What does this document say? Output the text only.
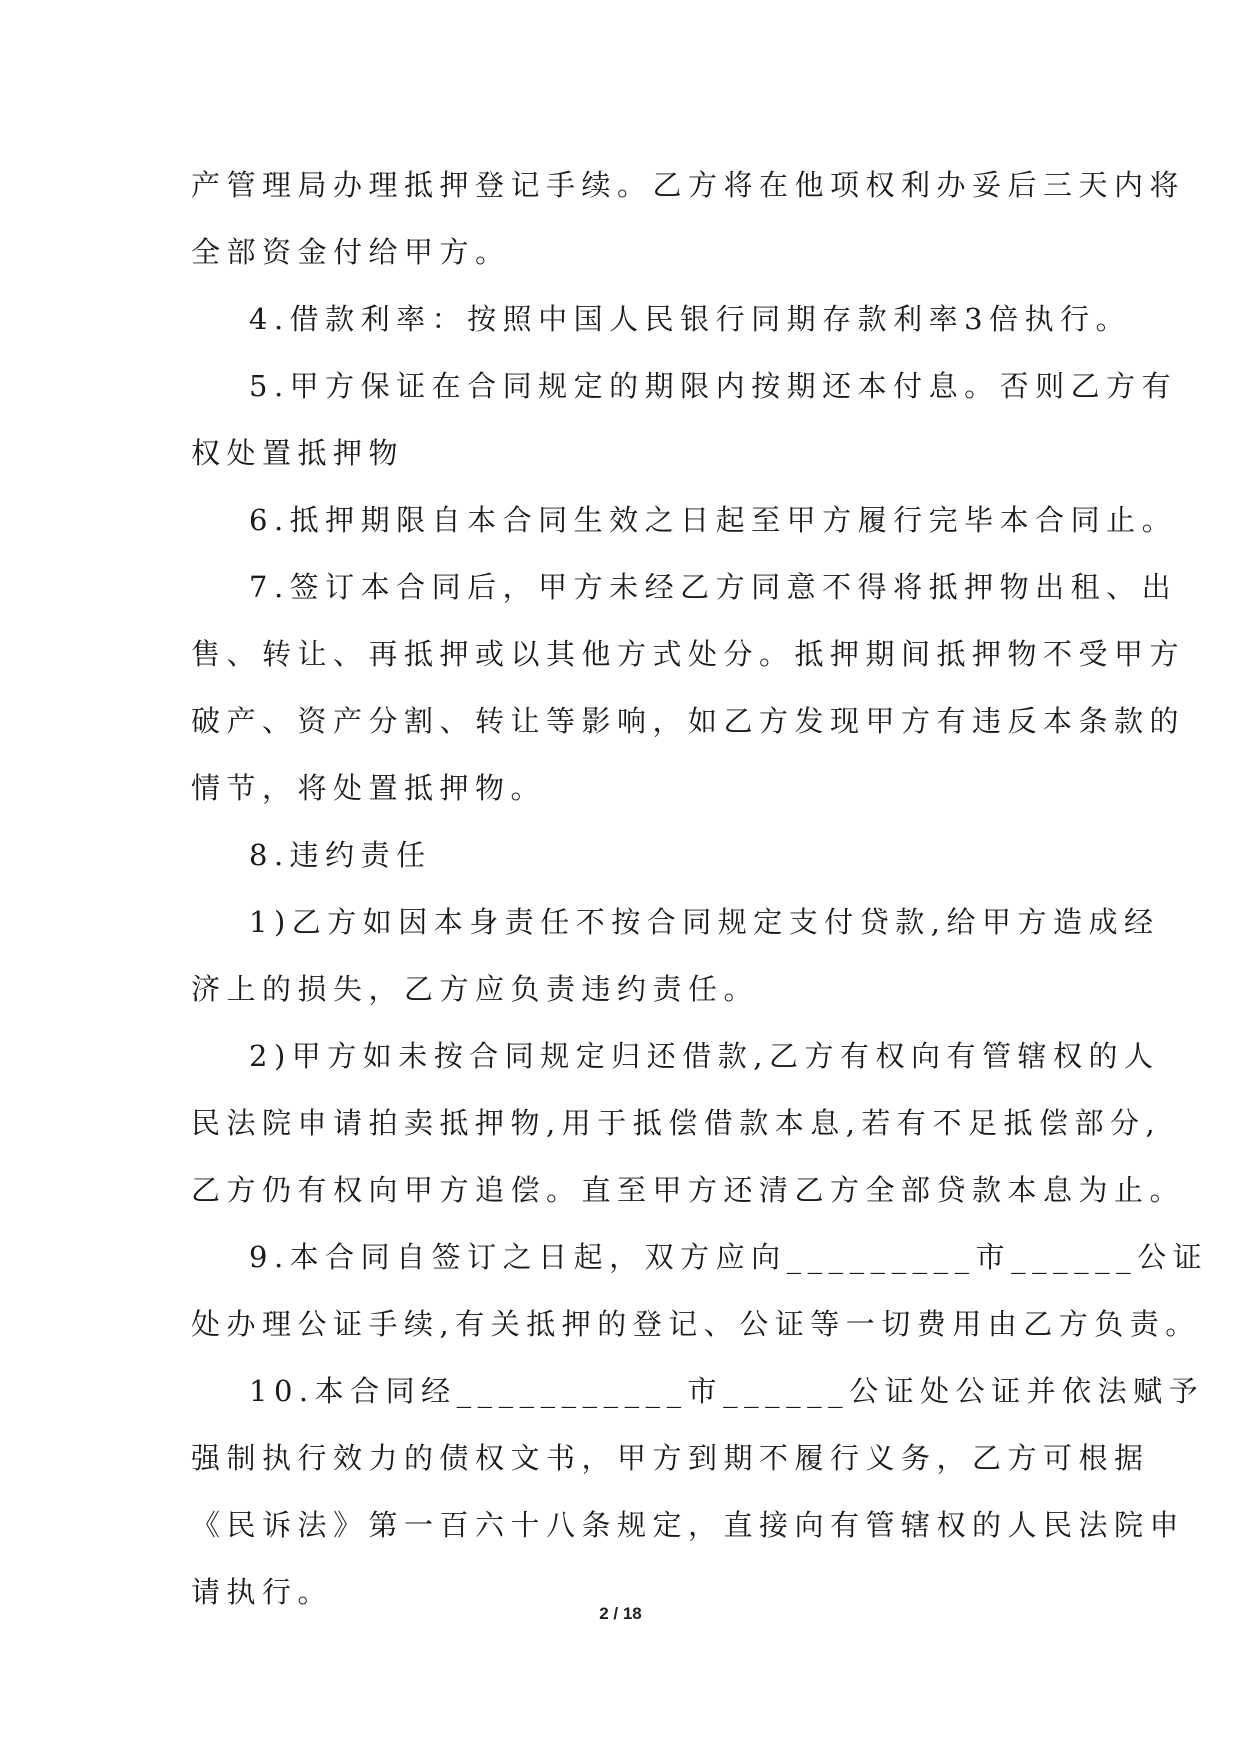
产管理局办理抵押登记手续。乙方将在他项权利办妥后三天内将
全部资金付给甲方。
4.借款利率：按照中国人民银行同期存款利率3倍执行。
5.甲方保证在合同规定的期限内按期还本付息。否则乙方有
权处置抵押物
6.抵押期限自本合同生效之日起至甲方履行完毕本合同止。
7.签订本合同后，甲方未经乙方同意不得将抵押物出租、出
售、转让、再抵押或以其他方式处分。抵押期间抵押物不受甲方
破产、资产分割、转让等影响，如乙方发现甲方有违反本条款的
情节，将处置抵押物。
8.违约责任
1)乙方如因本身责任不按合同规定支付贷款,给甲方造成经
济上的损失，乙方应负责违约责任。
2)甲方如未按合同规定归还借款,乙方有权向有管辖权的人
民法院申请拍卖抵押物,用于抵偿借款本息,若有不足抵偿部分,
乙方仍有权向甲方追偿。直至甲方还清乙方全部贷款本息为止。
9.本合同自签订之日起，双方应向_________市______公证
处办理公证手续,有关抵押的登记、公证等一切费用由乙方负责。
10.本合同经___________市______公证处公证并依法赋予
强制执行效力的债权文书，甲方到期不履行义务，乙方可根据
《民诉法》第一百六十八条规定，直接向有管辖权的人民法院申
请执行。
2 / 18
